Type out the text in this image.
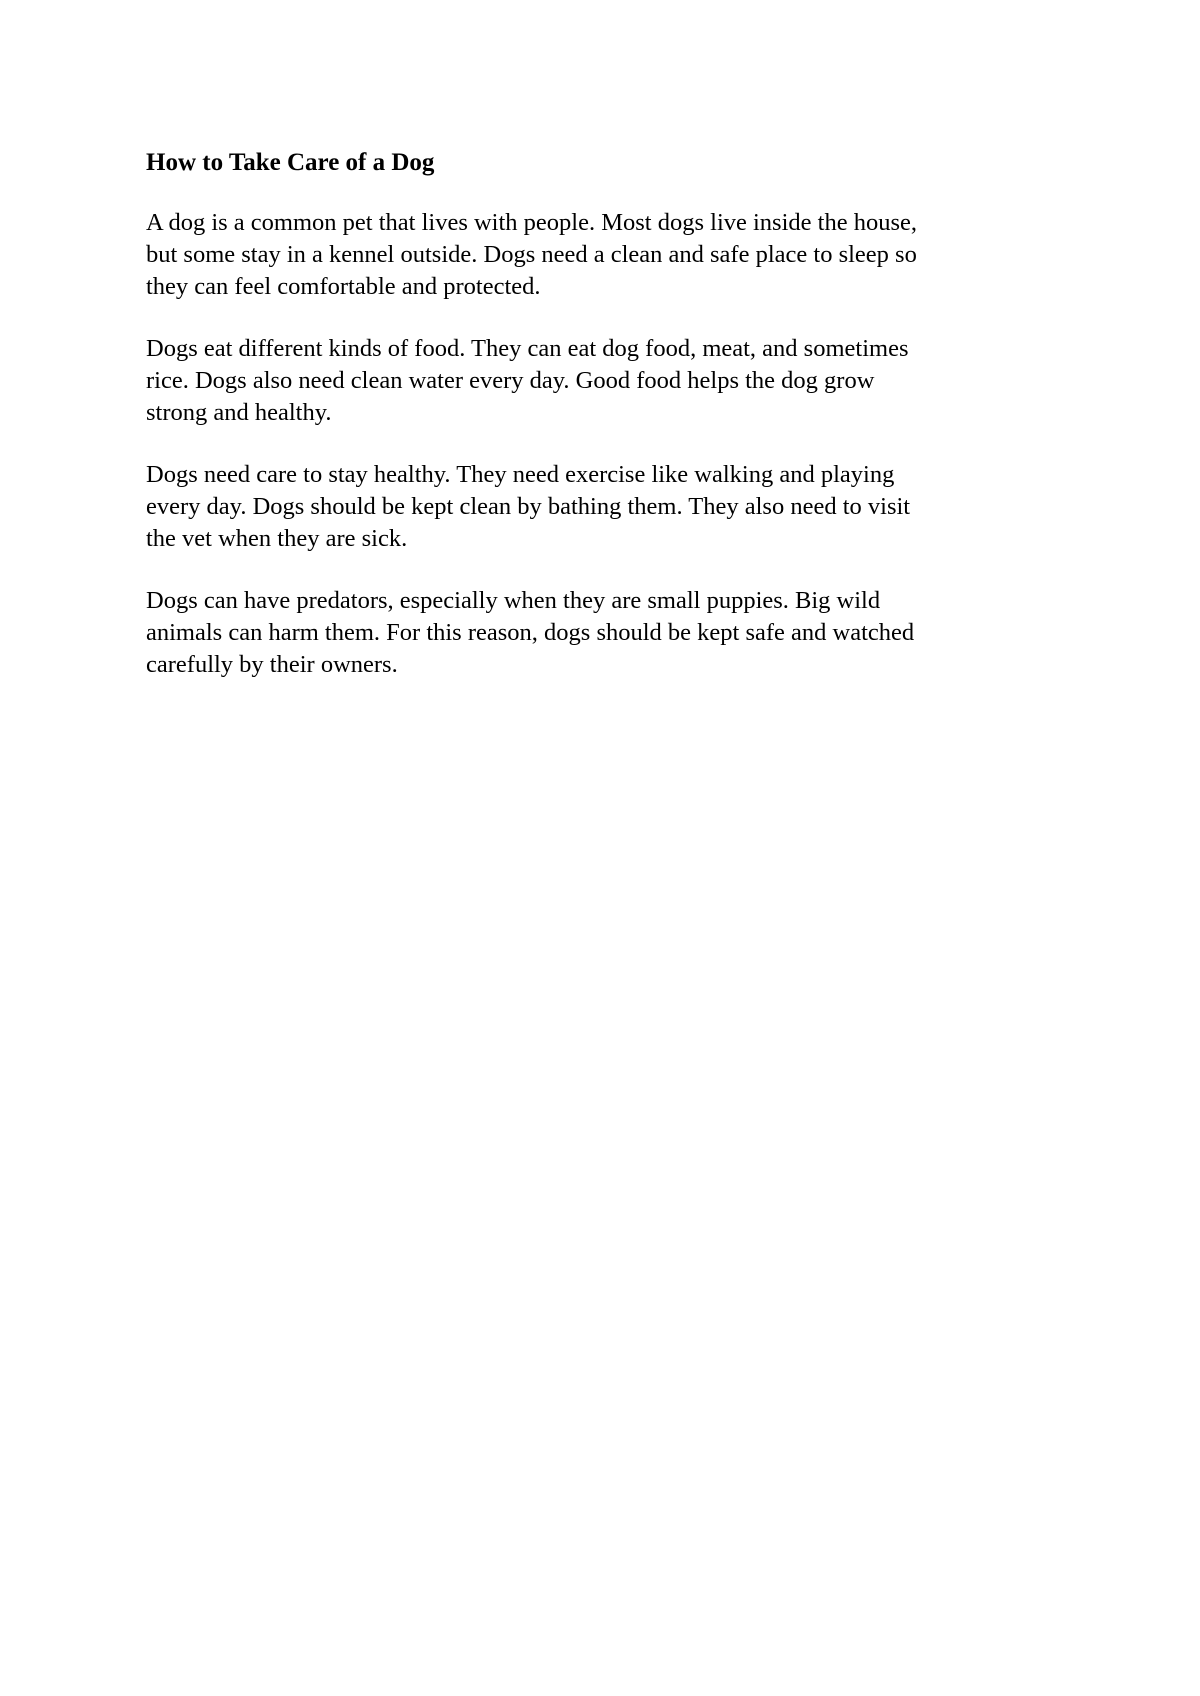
How to Take Care of a Dog

A dog is a common pet that lives with people. Most dogs live inside the house,
but some stay in a kennel outside. Dogs need a clean and safe place to sleep so
they can feel comfortable and protected.

Dogs eat different kinds of food. They can eat dog food, meat, and sometimes
rice. Dogs also need clean water every day. Good food helps the dog grow
strong and healthy.

Dogs need care to stay healthy. They need exercise like walking and playing
every day. Dogs should be kept clean by bathing them. They also need to visit
the vet when they are sick.

Dogs can have predators, especially when they are small puppies. Big wild
animals can harm them. For this reason, dogs should be kept safe and watched
carefully by their owners.
